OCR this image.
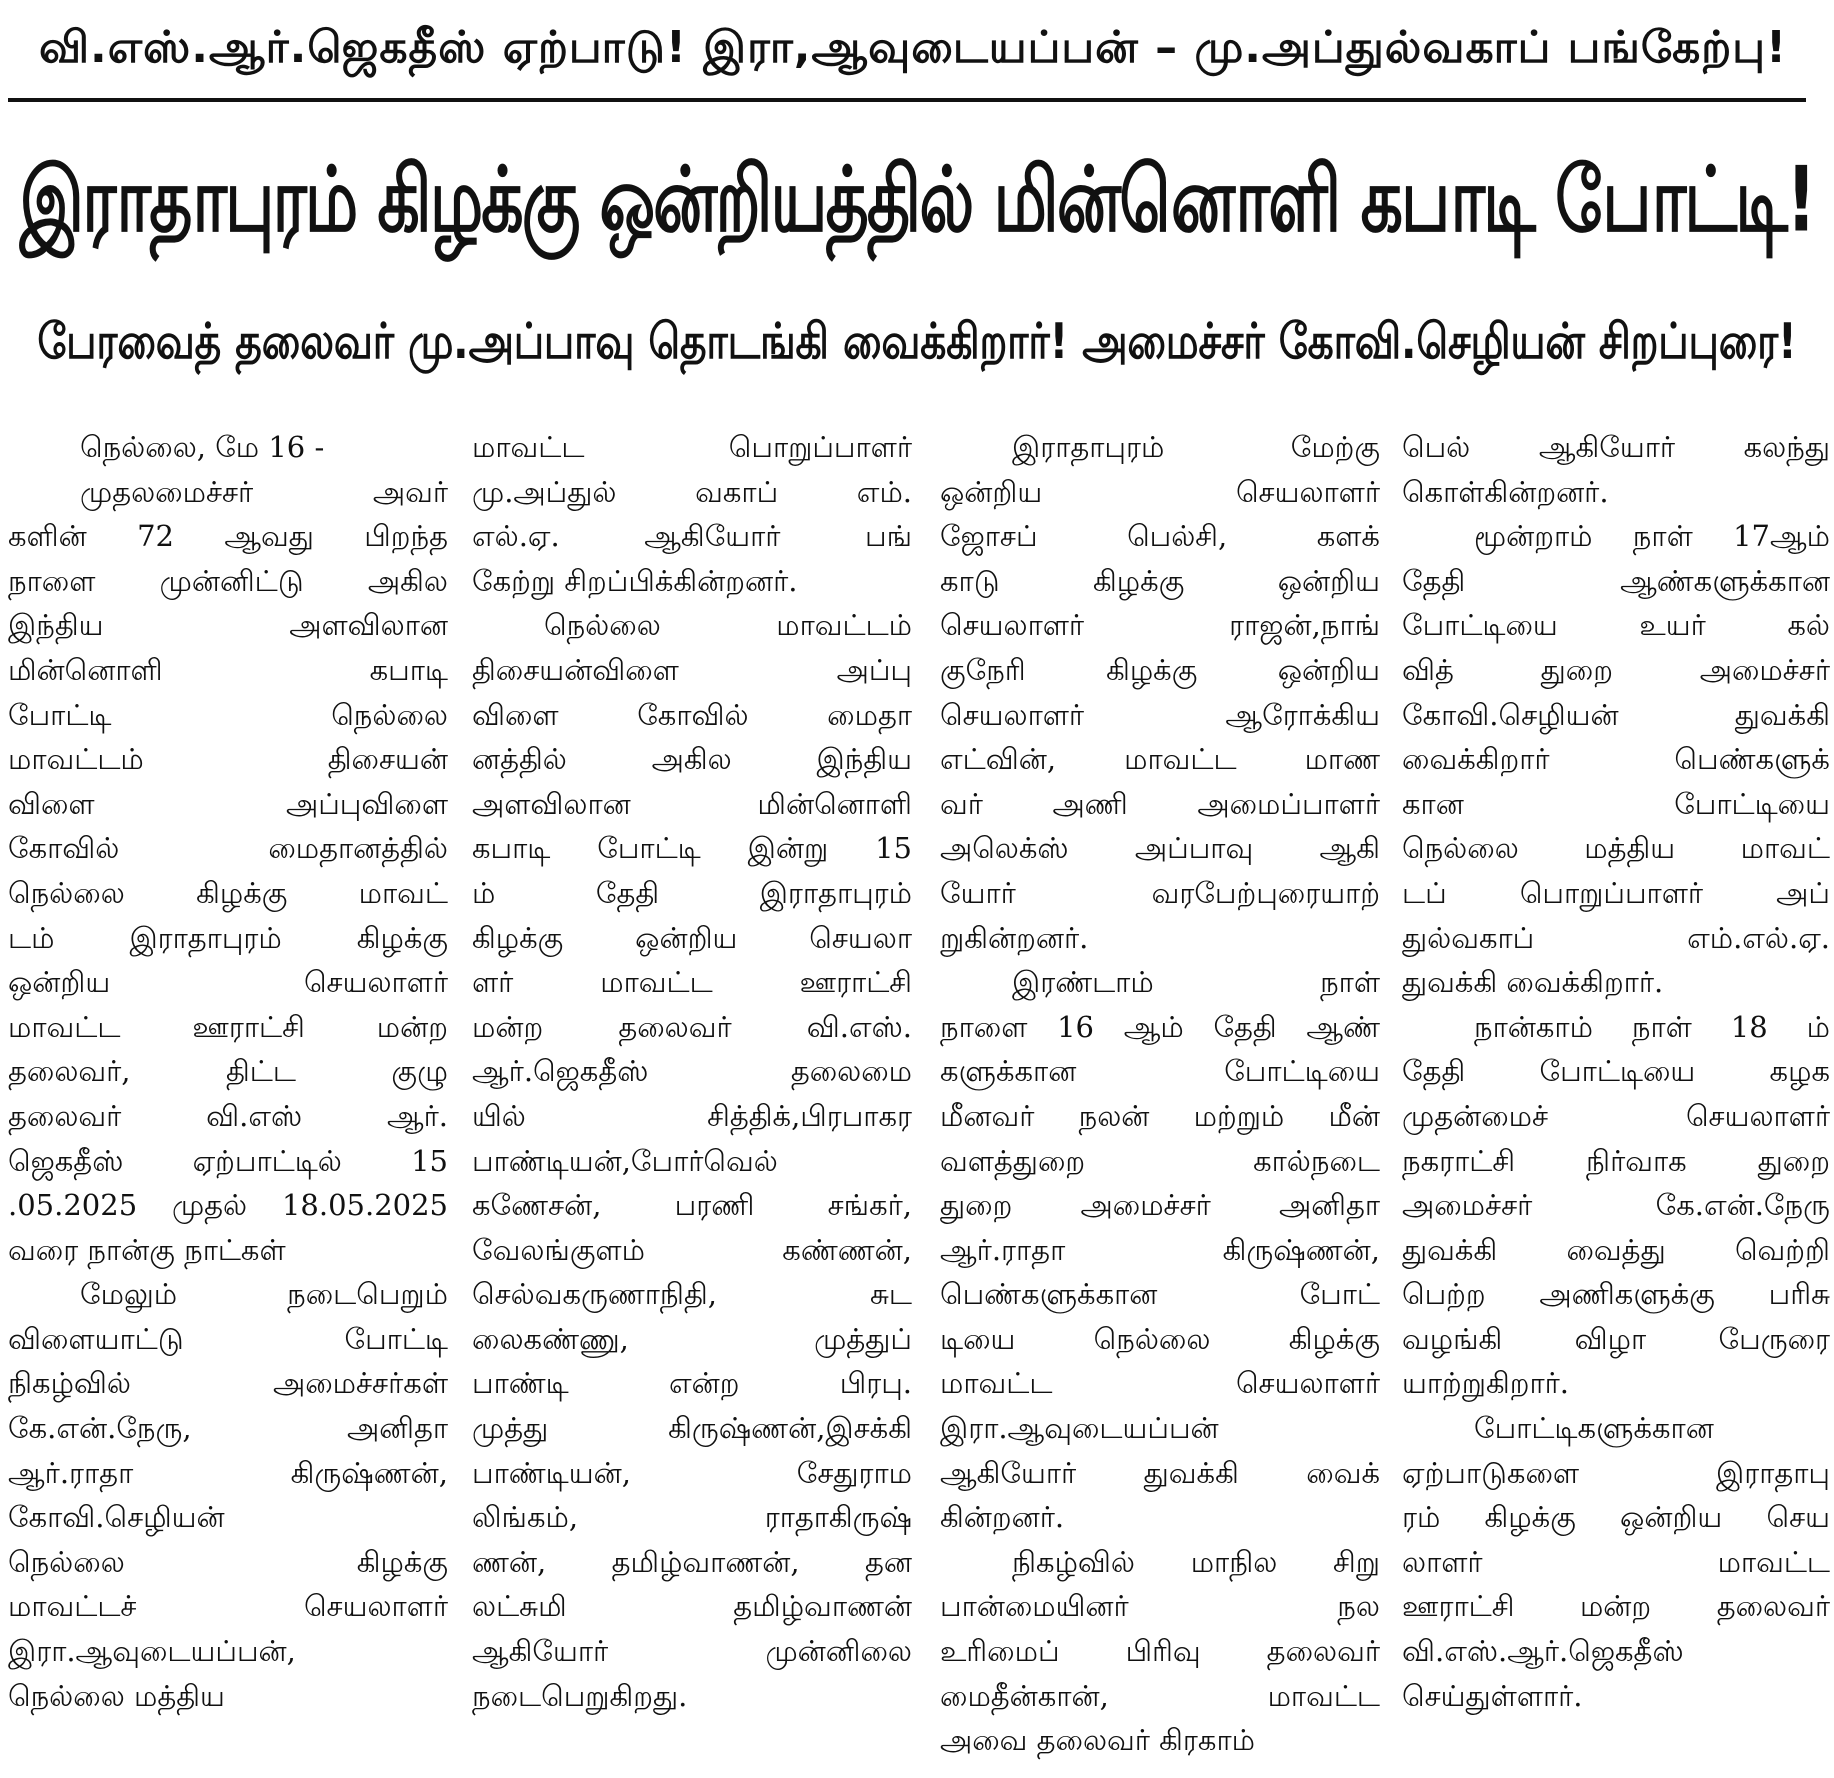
வி.எஸ்.ஆர்.ஜெகதீஸ் ஏற்பாடு! இரா,ஆவுடையப்பன் – மு.அப்துல்வகாப் பங்கேற்பு!
இராதாபுரம் கிழக்கு ஒன்றியத்தில் மின்னொளி கபாடி போட்டி!
பேரவைத் தலைவர் மு.அப்பாவு தொடங்கி வைக்கிறார்! அமைச்சர் கோவி.செழியன் சிறப்புரை!
நெல்லை, மே 16 -
முதலமைச்சர் அவர்
களின் 72 ஆவது பிறந்த
நாளை முன்னிட்டு அகில
இந்திய அளவிலான
மின்னொளி கபாடி
போட்டி நெல்லை
மாவட்டம் திசையன்
விளை அப்புவிளை
கோவில் மைதானத்தில்
நெல்லை கிழக்கு மாவட்
டம் இராதாபுரம் கிழக்கு
ஒன்றிய செயலாளர்
மாவட்ட ஊராட்சி மன்ற
தலைவர், திட்ட குழு
தலைவர் வி.எஸ் ஆர்.
ஜெகதீஸ் ஏற்பாட்டில் 15
.05.2025 முதல் 18.05.2025
வரை நான்கு நாட்கள்
மேலும் நடைபெறும்
விளையாட்டு போட்டி
நிகழ்வில் அமைச்சர்கள்
கே.என்.நேரு, அனிதா
ஆர்.ராதா கிருஷ்ணன்,
கோவி.செழியன்
நெல்லை கிழக்கு
மாவட்டச் செயலாளர்
இரா.ஆவுடையப்பன்,
நெல்லை மத்திய
மாவட்ட பொறுப்பாளர்
மு.அப்துல் வகாப் எம்.
எல்.ஏ. ஆகியோர் பங்
கேற்று சிறப்பிக்கின்றனர்.
நெல்லை மாவட்டம்
திசையன்விளை அப்பு
விளை கோவில் மைதா
னத்தில் அகில இந்திய
அளவிலான மின்னொளி
கபாடி போட்டி இன்று 15
ம் தேதி இராதாபுரம்
கிழக்கு ஒன்றிய செயலா
ளர் மாவட்ட ஊராட்சி
மன்ற தலைவர் வி.எஸ்.
ஆர்.ஜெகதீஸ் தலைமை
யில் சித்திக்,பிரபாகர
பாண்டியன்,போர்வெல்
கணேசன், பரணி சங்கர்,
வேலங்குளம் கண்ணன்,
செல்வகருணாநிதி, சுட
லைகண்ணு, முத்துப்
பாண்டி என்ற பிரபு.
முத்து கிருஷ்ணன்,இசக்கி
பாண்டியன், சேதுராம
லிங்கம், ராதாகிருஷ்
ணன், தமிழ்வாணன், தன
லட்சுமி தமிழ்வாணன்
ஆகியோர் முன்னிலை
நடைபெறுகிறது.
இராதாபுரம் மேற்கு
ஒன்றிய செயலாளர்
ஜோசப் பெல்சி, களக்
காடு கிழக்கு ஒன்றிய
செயலாளர் ராஜன்,நாங்
குநேரி கிழக்கு ஒன்றிய
செயலாளர் ஆரோக்கிய
எட்வின், மாவட்ட மாண
வர் அணி அமைப்பாளர்
அலெக்ஸ் அப்பாவு ஆகி
யோர் வரபேற்புரையாற்
றுகின்றனர்.
இரண்டாம் நாள்
நாளை 16 ஆம் தேதி ஆண்
களுக்கான போட்டியை
மீனவர் நலன் மற்றும் மீன்
வளத்துறை கால்நடை
துறை அமைச்சர் அனிதா
ஆர்.ராதா கிருஷ்ணன்,
பெண்களுக்கான போட்
டியை நெல்லை கிழக்கு
மாவட்ட செயலாளர்
இரா.ஆவுடையப்பன்
ஆகியோர் துவக்கி வைக்
கின்றனர்.
நிகழ்வில் மாநில சிறு
பான்மையினர் நல
உரிமைப் பிரிவு தலைவர்
மைதீன்கான், மாவட்ட
அவை தலைவர் கிரகாம்
பெல் ஆகியோர் கலந்து
கொள்கின்றனர்.
மூன்றாம் நாள் 17ஆம்
தேதி ஆண்களுக்கான
போட்டியை உயர் கல்
வித் துறை அமைச்சர்
கோவி.செழியன் துவக்கி
வைக்கிறார் பெண்களுக்
கான போட்டியை
நெல்லை மத்திய மாவட்
டப் பொறுப்பாளர் அப்
துல்வகாப் எம்.எல்.ஏ.
துவக்கி வைக்கிறார்.
நான்காம் நாள் 18 ம்
தேதி போட்டியை கழக
முதன்மைச் செயலாளர்
நகராட்சி நிர்வாக துறை
அமைச்சர் கே.என்.நேரு
துவக்கி வைத்து வெற்றி
பெற்ற அணிகளுக்கு பரிசு
வழங்கி விழா பேருரை
யாற்றுகிறார்.
போட்டிகளுக்கான
ஏற்பாடுகளை இராதாபு
ரம் கிழக்கு ஒன்றிய செய
லாளர் மாவட்ட
ஊராட்சி மன்ற தலைவர்
வி.எஸ்.ஆர்.ஜெகதீஸ்
செய்துள்ளார்.
